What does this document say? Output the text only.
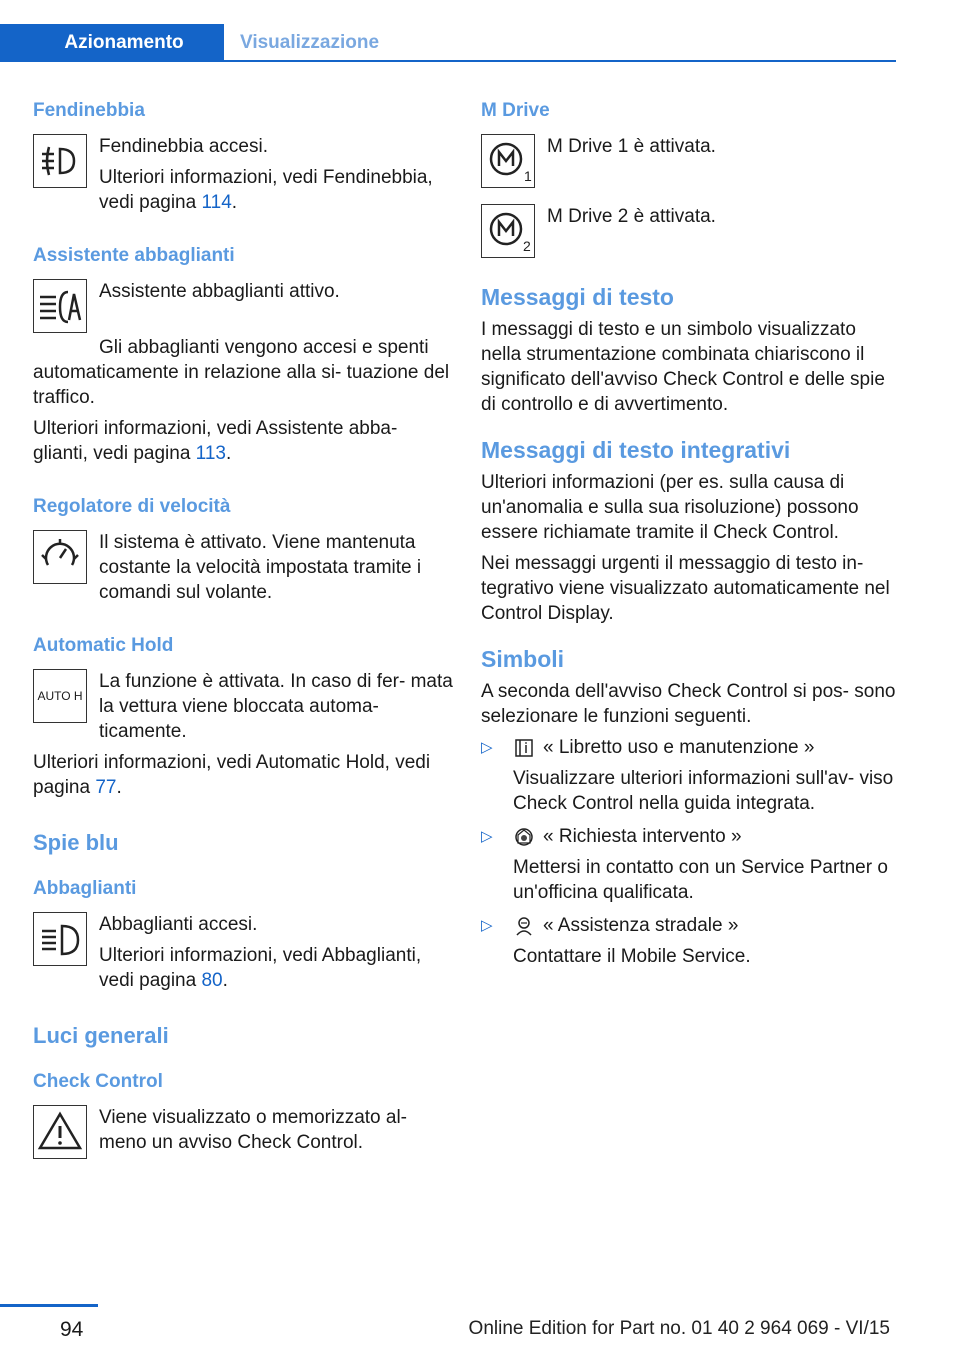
Azionamento	Visualizzazione
Fendinebbia

Fendinebbia accesi.

Ulteriori informazioni, vedi Fendinebbia, vedi pagina 114.

Assistente abbaglianti

Assistente abbaglianti attivo.

Gli abbaglianti vengono accesi e spenti automaticamente in relazione alla si- tuazione del traffico.

Ulteriori informazioni, vedi Assistente abba- glianti, vedi pagina 113.

Regolatore di velocità

Il sistema è attivato. Viene mantenuta costante la velocità impostata tramite i comandi sul volante.

Automatic Hold
AUTO H

La funzione è attivata. In caso di fer- mata la vettura viene bloccata automa- ticamente.

Ulteriori informazioni, vedi Automatic Hold, vedi pagina 77.

Spie blu
Abbaglianti

Abbaglianti accesi.

Ulteriori informazioni, vedi Abbaglianti, vedi pagina 80.

Luci generali
Check Control

Viene visualizzato o memorizzato al- meno un avviso Check Control.

M Drive
1

M Drive 1 è attivata.

2

M Drive 2 è attivata.

Messaggi di testo

I messaggi di testo e un simbolo visualizzato nella strumentazione combinata chiariscono il significato dell'avviso Check Control e delle spie di controllo e di avvertimento.

Messaggi di testo integrativi

Ulteriori informazioni (per es. sulla causa di un'anomalia e sulla sua risoluzione) possono essere richiamate tramite il Check Control.

Nei messaggi urgenti il messaggio di testo in- tegrativo viene visualizzato automaticamente nel Control Display.

Simboli

A seconda dell'avviso Check Control si pos- sono selezionare le funzioni seguenti.

▷	« Libretto uso e manutenzione »

Visualizzare ulteriori informazioni sull'av- viso Check Control nella guida integrata.

▷	« Richiesta intervento »

Mettersi in contatto con un Service Partner o un'officina qualificata.

▷	« Assistenza stradale »

Contattare il Mobile Service.

94	Online Edition for Part no. 01 40 2 964 069 - VI/15
